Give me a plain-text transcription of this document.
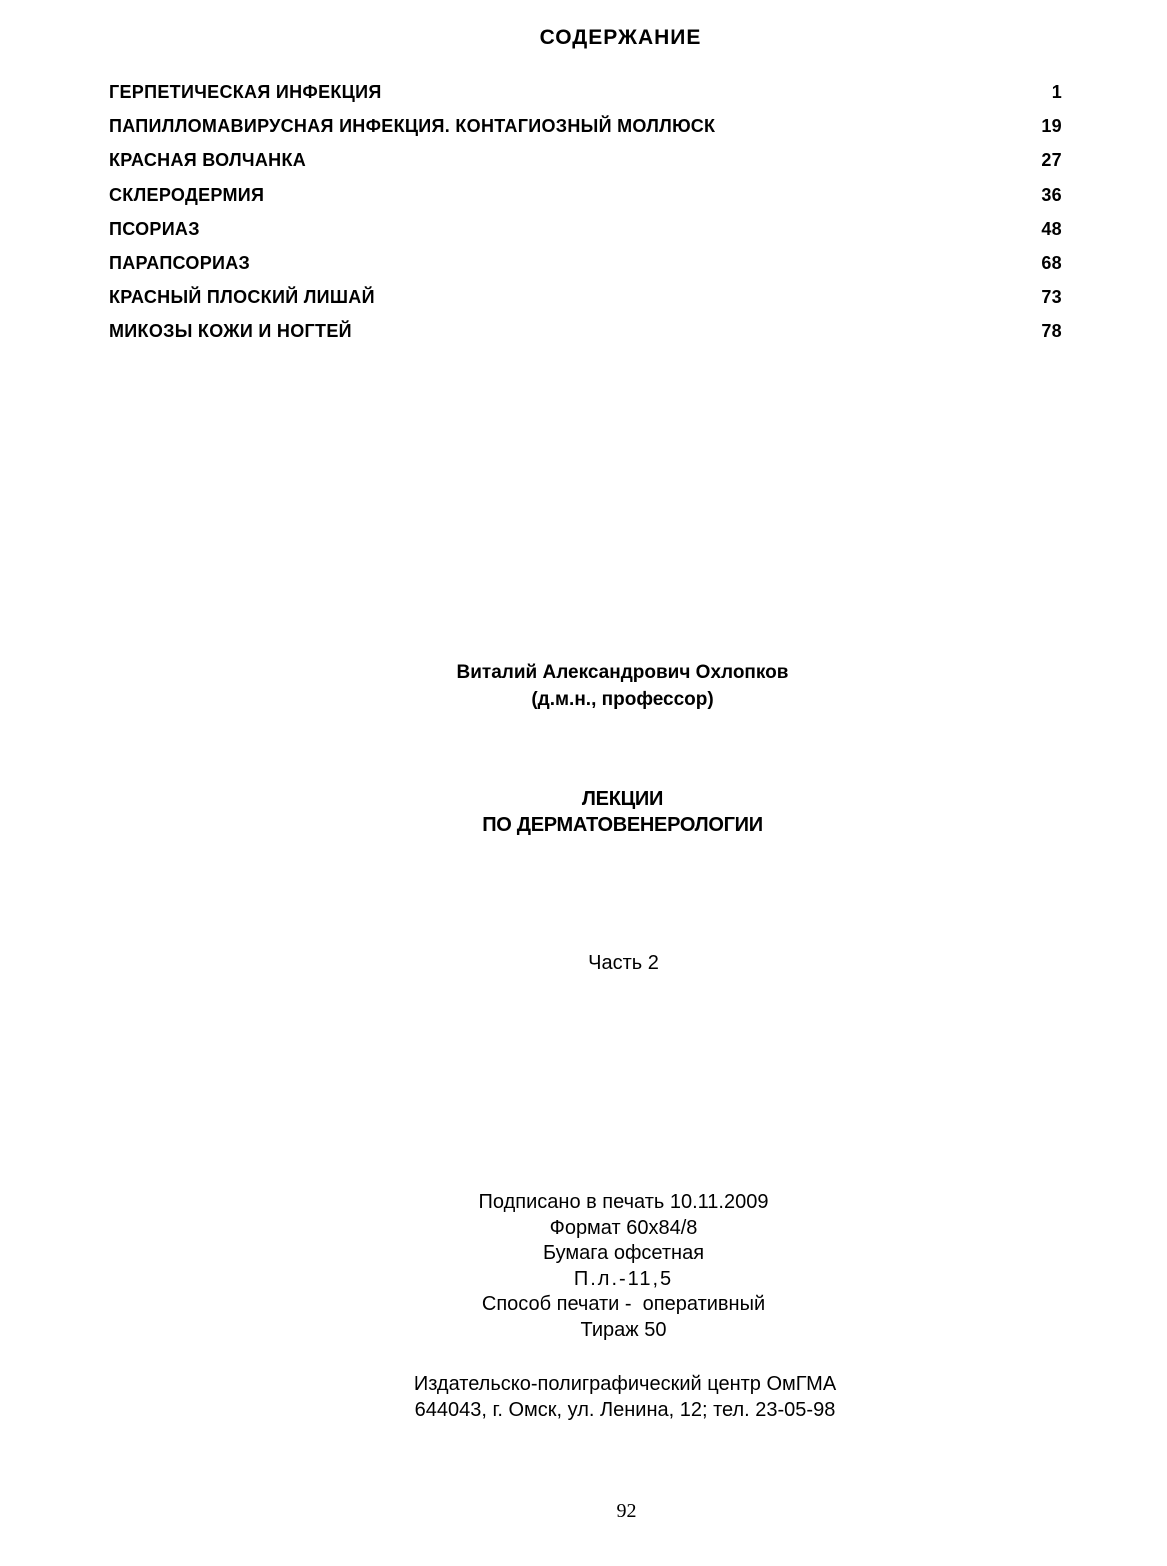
СОДЕРЖАНИЕ
ГЕРПЕТИЧЕСКАЯ ИНФЕКЦИЯ	1
ПАПИЛЛОМАВИРУСНАЯ ИНФЕКЦИЯ. КОНТАГИОЗНЫЙ МОЛЛЮСК	19
КРАСНАЯ ВОЛЧАНКА	27
СКЛЕРОДЕРМИЯ	36
ПСОРИАЗ	48
ПАРАПСОРИАЗ	68
КРАСНЫЙ ПЛОСКИЙ ЛИШАЙ	73
МИКОЗЫ КОЖИ И НОГТЕЙ	78
Виталий Александрович Охлопков
(д.м.н., профессор)
ЛЕКЦИИ
ПО ДЕРМАТОВЕНЕРОЛОГИИ
Часть 2
Подписано в печать 10.11.2009
Формат 60х84/8
Бумага офсетная
П.л.-11,5
Способ печати -  оперативный
Тираж 50
Издательско-полиграфический центр ОмГМА
644043, г. Омск, ул. Ленина, 12; тел. 23-05-98
92
